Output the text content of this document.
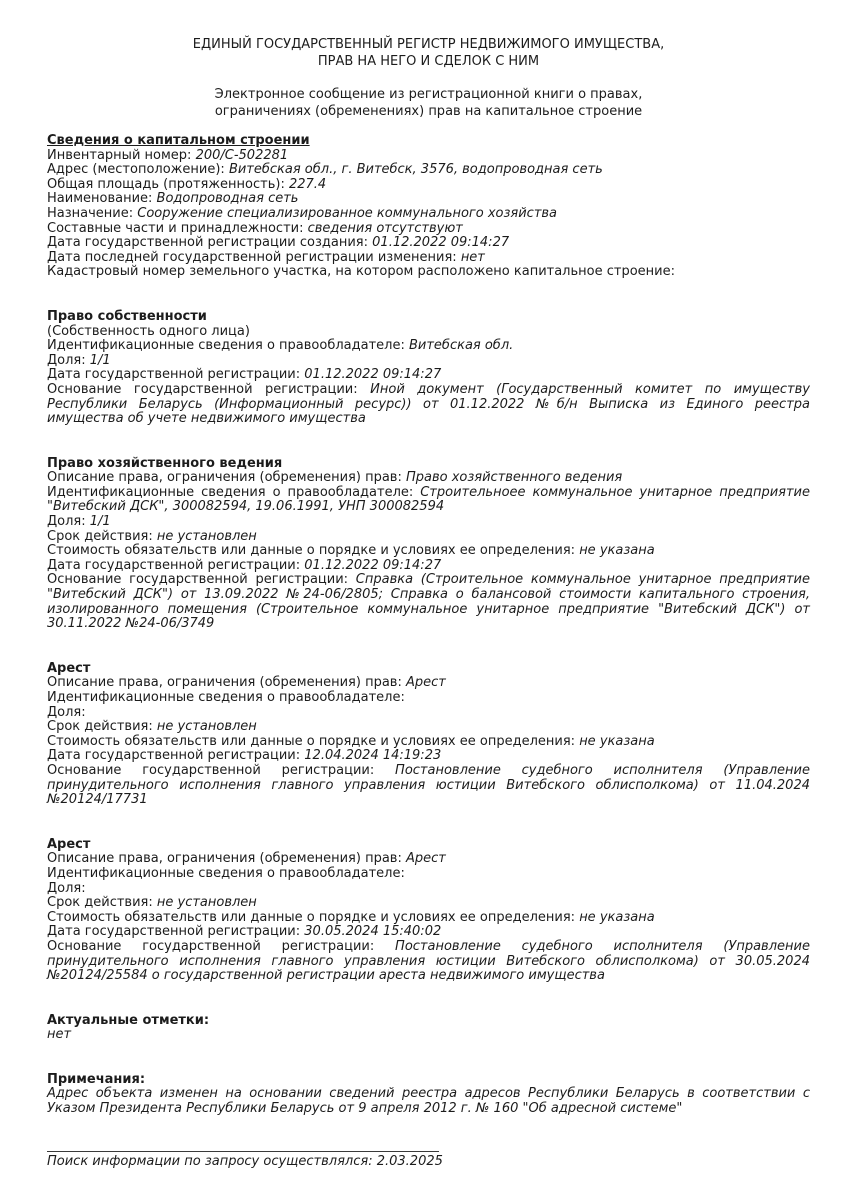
ЕДИНЫЙ ГОСУДАРСТВЕННЫЙ РЕГИСТР НЕДВИЖИМОГО ИМУЩЕСТВА,
ПРАВ НА НЕГО И СДЕЛОК С НИМ
Электронное сообщение из регистрационной книги о правах,
ограничениях (обременениях) прав на капитальное строение
Сведения о капитальном строении

Инвентарный номер: 200/С-502281

Адрес (местоположение): Витебская обл., г. Витебск, 3576, водопроводная сеть

Общая площадь (протяженность): 227.4

Наименование: Водопроводная сеть

Назначение: Сооружение специализированное коммунального хозяйства

Составные части и принадлежности: сведения отсутствуют

Дата государственной регистрации создания: 01.12.2022 09:14:27

Дата последней государственной регистрации изменения: нет

Кадастровый номер земельного участка, на котором расположено капитальное строение:

Право собственности

(Собственность одного лица)

Идентификационные сведения о правообладателе: Витебская обл.

Доля: 1/1

Дата государственной регистрации: 01.12.2022 09:14:27

Основание государственной регистрации: Иной документ (Государственный комитет по имуществу Республики Беларусь (Информационный ресурс)) от 01.12.2022 №б/н Выписка из Единого реестра имущества об учете недвижимого имущества

Право хозяйственного ведения

Описание права, ограничения (обременения) прав: Право хозяйственного ведения

Идентификационные сведения о правообладателе: Строительноее коммунальное унитарное предприятие "Витебский ДСК", 300082594, 19.06.1991, УНП 300082594

Доля: 1/1

Срок действия: не установлен

Стоимость обязательств или данные о порядке и условиях ее определения: не указана

Дата государственной регистрации: 01.12.2022 09:14:27

Основание государственной регистрации: Справка (Строительное коммунальное унитарное предприятие "Витебский ДСК") от 13.09.2022 №24-06/2805; Справка о балансовой стоимости капитального строения, изолированного помещения (Строительное коммунальное унитарное предприятие "Витебский ДСК") от 30.11.2022 №24-06/3749

Арест

Описание права, ограничения (обременения) прав: Арест

Идентификационные сведения о правообладателе:

Доля:

Срок действия: не установлен

Стоимость обязательств или данные о порядке и условиях ее определения: не указана

Дата государственной регистрации: 12.04.2024 14:19:23

Основание государственной регистрации: Постановление судебного исполнителя (Управление принудительного исполнения главного управления юстиции Витебского облисполкома) от 11.04.2024 №20124/17731

Арест

Описание права, ограничения (обременения) прав: Арест

Идентификационные сведения о правообладателе:

Доля:

Срок действия: не установлен

Стоимость обязательств или данные о порядке и условиях ее определения: не указана

Дата государственной регистрации: 30.05.2024 15:40:02

Основание государственной регистрации: Постановление судебного исполнителя (Управление принудительного исполнения главного управления юстиции Витебского облисполкома) от 30.05.2024 №20124/25584 о государственной регистрации ареста недвижимого имущества

Актуальные отметки:

нет

Примечания:

Адрес объекта изменен на основании сведений реестра адресов Республики Беларусь в соответствии с Указом Президента Республики Беларусь от 9 апреля 2012 г. № 160 "Об адресной системе"

Поиск информации по запросу осуществлялся: 2.03.2025
